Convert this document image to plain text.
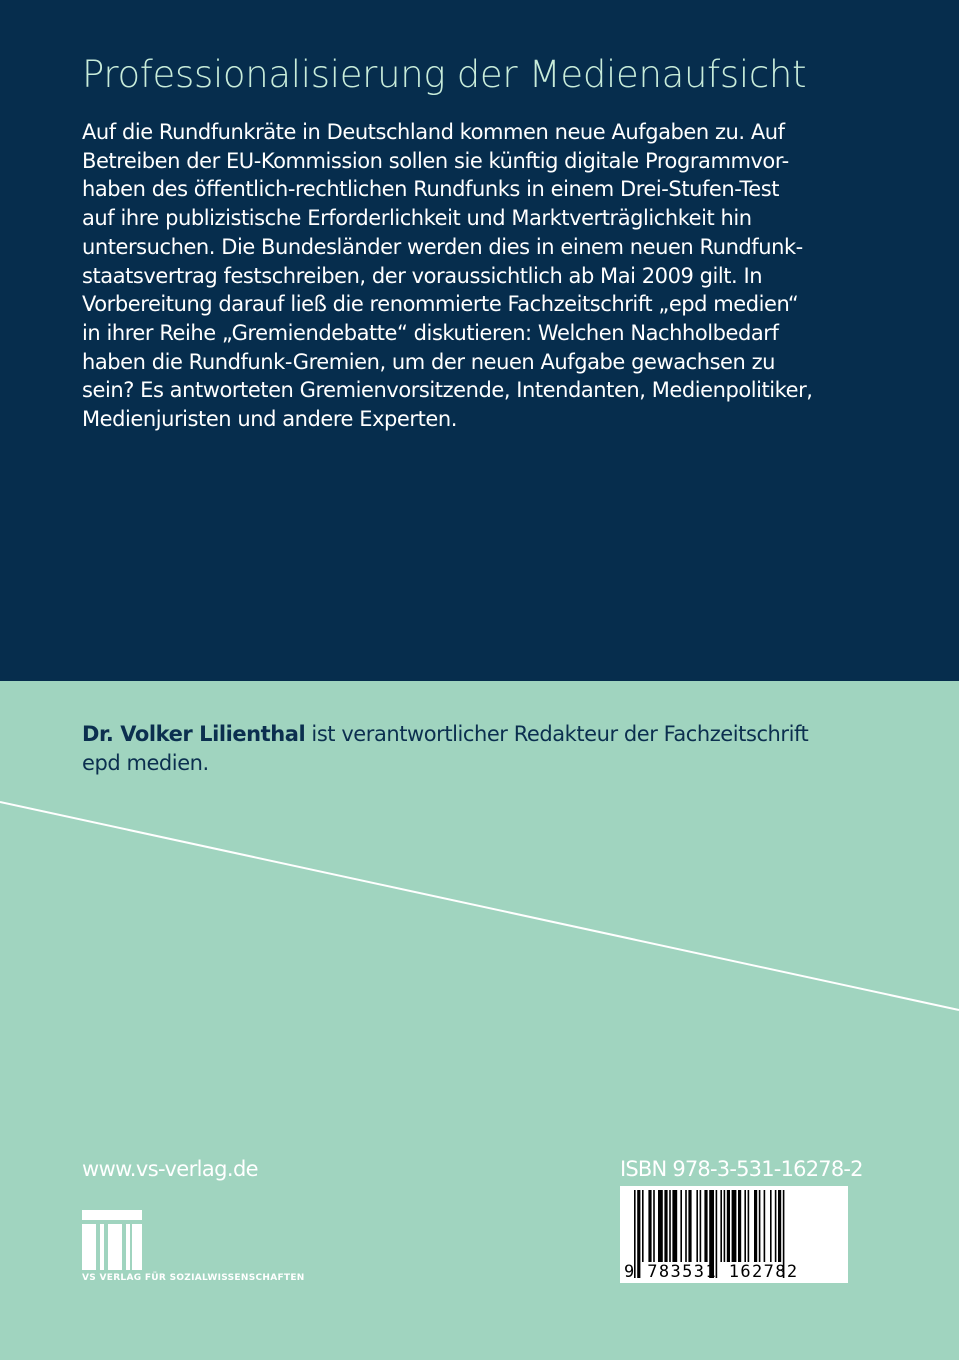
Professionalisierung der Medienaufsicht
Auf die Rundfunkräte in Deutschland kommen neue Aufgaben zu. Auf
Betreiben der EU-Kommission sollen sie künftig digitale Programmvor-
haben des öffentlich-rechtlichen Rundfunks in einem Drei-Stufen-Test
auf ihre publizistische Erforderlichkeit und Marktverträglichkeit hin
untersuchen. Die Bundesländer werden dies in einem neuen Rundfunk-
staatsvertrag festschreiben, der voraussichtlich ab Mai 2009 gilt. In
Vorbereitung darauf ließ die renommierte Fachzeitschrift „epd medien“
in ihrer Reihe „Gremiendebatte“ diskutieren: Welchen Nachholbedarf
haben die Rundfunk-Gremien, um der neuen Aufgabe gewachsen zu
sein? Es antworteten Gremienvorsitzende, Intendanten, Medienpolitiker,
Medienjuristen und andere Experten.
Dr. Volker Lilienthal ist verantwortlicher Redakteur der Fachzeitschrift
epd medien.
www.vs-verlag.de	ISBN 978-3-531-16278-2
VS VERLAG FÜR SOZIALWISSENSCHAFTEN	9 783531 162782
